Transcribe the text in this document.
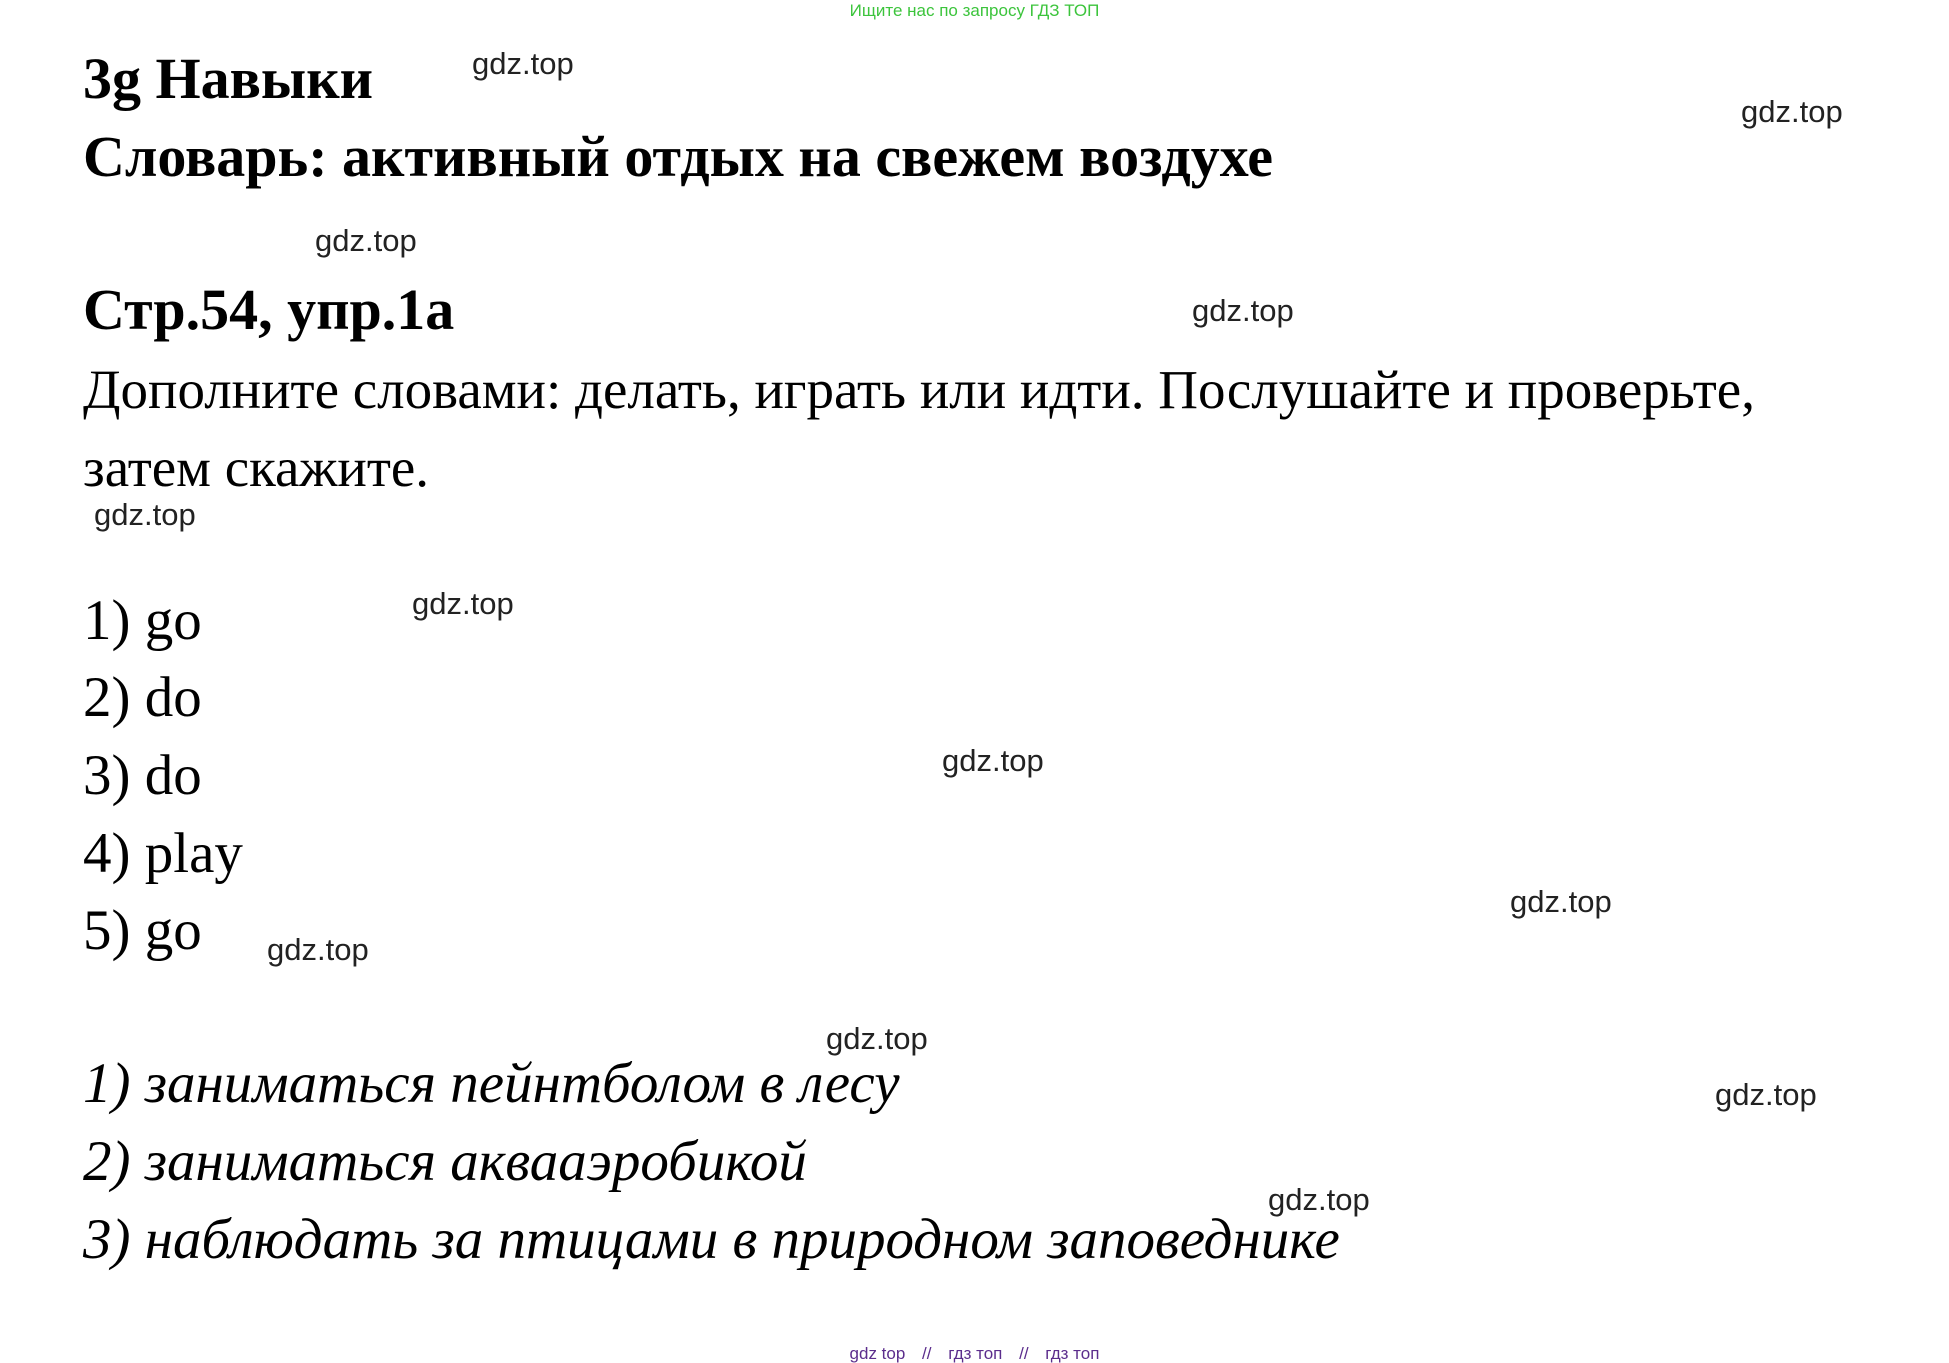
Ищите нас по запросу ГДЗ ТОП
3g Навыки
Словарь: активный отдых на свежем воздухе
Стр.54, упр.1a
Дополните словами: делать, играть или идти. Послушайте и проверьте,
затем скажите.
1) go
2) do
3) do
4) play
5) go
1) заниматься пейнтболом в лесу
2) заниматься аквааэробикой
3) наблюдать за птицами в природном заповеднике
gdz.top
gdz.top
gdz.top
gdz.top
gdz.top
gdz.top
gdz.top
gdz.top
gdz.top
gdz.top
gdz.top
gdz.top
gdz top // гдз топ // гдз топ
